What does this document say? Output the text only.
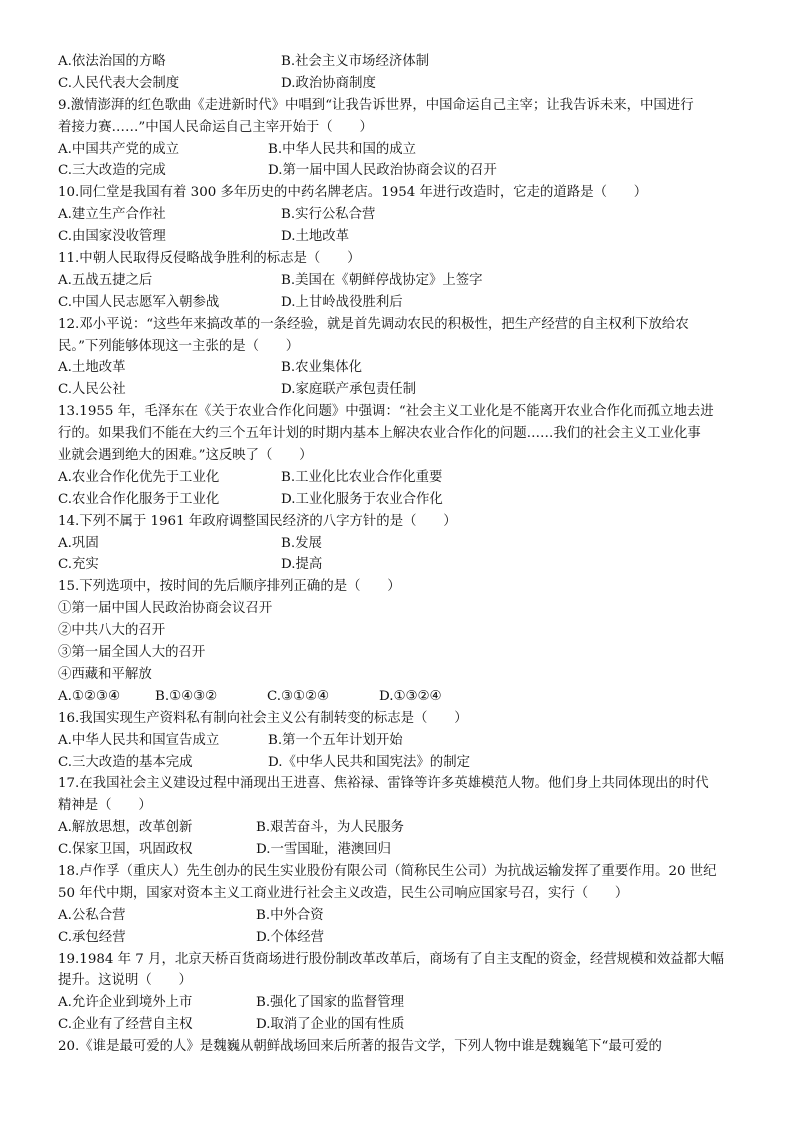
A.依法治国的方略	B.社会主义市场经济体制
C.人民代表大会制度	D.政治协商制度
9.激情澎湃的红色歌曲《走进新时代》中唱到“让我告诉世界，中国命运自己主宰；让我告诉未来，中国进行
着接力赛……”中国人民命运自己主宰开始于（　　）
A.中国共产党的成立	B.中华人民共和国的成立
C.三大改造的完成	D.第一届中国人民政治协商会议的召开
10.同仁堂是我国有着 300 多年历史的中药名牌老店。1954 年进行改造时，它走的道路是（　　）
A.建立生产合作社	B.实行公私合营
C.由国家没收管理	D.土地改革
11.中朝人民取得反侵略战争胜利的标志是（　　）
A.五战五捷之后	B.美国在《朝鲜停战协定》上签字
C.中国人民志愿军入朝参战	D.上甘岭战役胜利后
12.邓小平说：“这些年来搞改革的一条经验，就是首先调动农民的积极性，把生产经营的自主权利下放给农
民。”下列能够体现这一主张的是（　　）
A.土地改革	B.农业集体化
C.人民公社	D.家庭联产承包责任制
13.1955 年，毛泽东在《关于农业合作化问题》中强调：“社会主义工业化是不能离开农业合作化而孤立地去进
行的。如果我们不能在大约三个五年计划的时期内基本上解决农业合作化的问题……我们的社会主义工业化事
业就会遇到绝大的困难。”这反映了（　　）
A.农业合作化优先于工业化	B.工业化比农业合作化重要
C.农业合作化服务于工业化	D.工业化服务于农业合作化
14.下列不属于 1961 年政府调整国民经济的八字方针的是（　　）
A.巩固	B.发展
C.充实	D.提高
15.下列选项中，按时间的先后顺序排列正确的是（　　）
①第一届中国人民政治协商会议召开
②中共八大的召开
③第一届全国人大的召开
④西藏和平解放
A.①②③④	B.①④③②	C.③①②④	D.①③②④
16.我国实现生产资料私有制向社会主义公有制转变的标志是（　　）
A.中华人民共和国宣告成立	B.第一个五年计划开始
C.三大改造的基本完成	D.《中华人民共和国宪法》的制定
17.在我国社会主义建设过程中涌现出王进喜、焦裕禄、雷锋等许多英雄模范人物。他们身上共同体现出的时代
精神是（　　）
A.解放思想，改革创新	B.艰苦奋斗，为人民服务
C.保家卫国，巩固政权	D.一雪国耻，港澳回归
18.卢作孚（重庆人）先生创办的民生实业股份有限公司（简称民生公司）为抗战运输发挥了重要作用。20 世纪
50 年代中期，国家对资本主义工商业进行社会主义改造，民生公司响应国家号召，实行（　　）
A.公私合营	B.中外合资
C.承包经营	D.个体经营
19.1984 年 7 月，北京天桥百货商场进行股份制改革改革后，商场有了自主支配的资金，经营规模和效益都大幅
提升。这说明（　　）
A.允许企业到境外上市	B.强化了国家的监督管理
C.企业有了经营自主权	D.取消了企业的国有性质
20.《谁是最可爱的人》是魏巍从朝鲜战场回来后所著的报告文学，下列人物中谁是魏巍笔下“最可爱的
